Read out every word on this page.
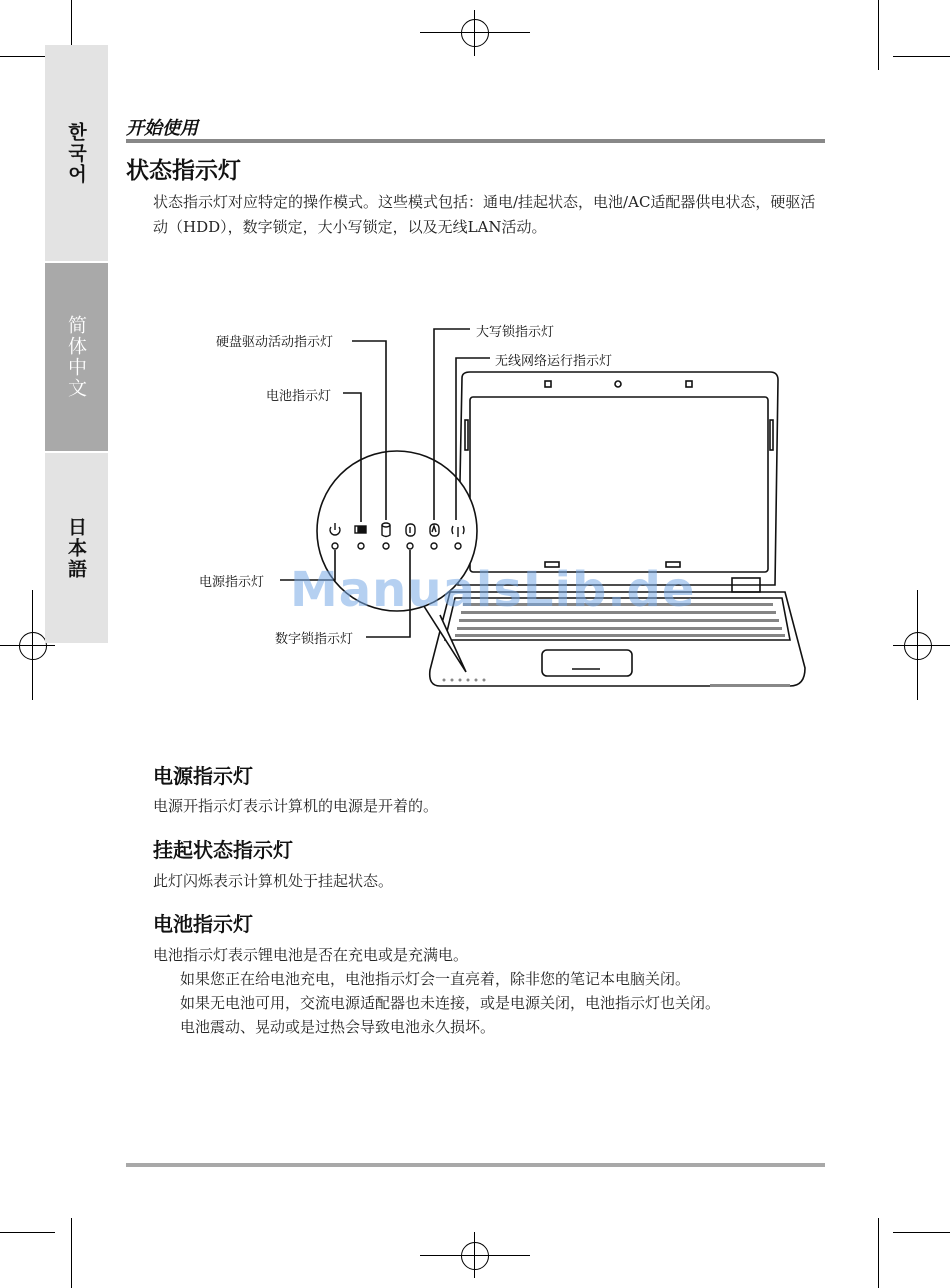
한국어
简体中文
日本語
开始使用
状态指示灯
状态指示灯对应特定的操作模式。这些模式包括：通电/挂起状态，电池/AC适配器供电状态，硬驱活动（HDD），数字锁定，大小写锁定，以及无线LAN活动。
硬盘驱动活动指示灯
电池指示灯
电源指示灯
数字锁指示灯
大写锁指示灯
无线网络运行指示灯
ManualsLib.de
电源指示灯
电源开指示灯表示计算机的电源是开着的。
挂起状态指示灯
此灯闪烁表示计算机处于挂起状态。
电池指示灯
电池指示灯表示锂电池是否在充电或是充满电。
如果您正在给电池充电，电池指示灯会一直亮着，除非您的笔记本电脑关闭。
如果无电池可用，交流电源适配器也未连接，或是电源关闭，电池指示灯也关闭。
电池震动、晃动或是过热会导致电池永久损坏。
